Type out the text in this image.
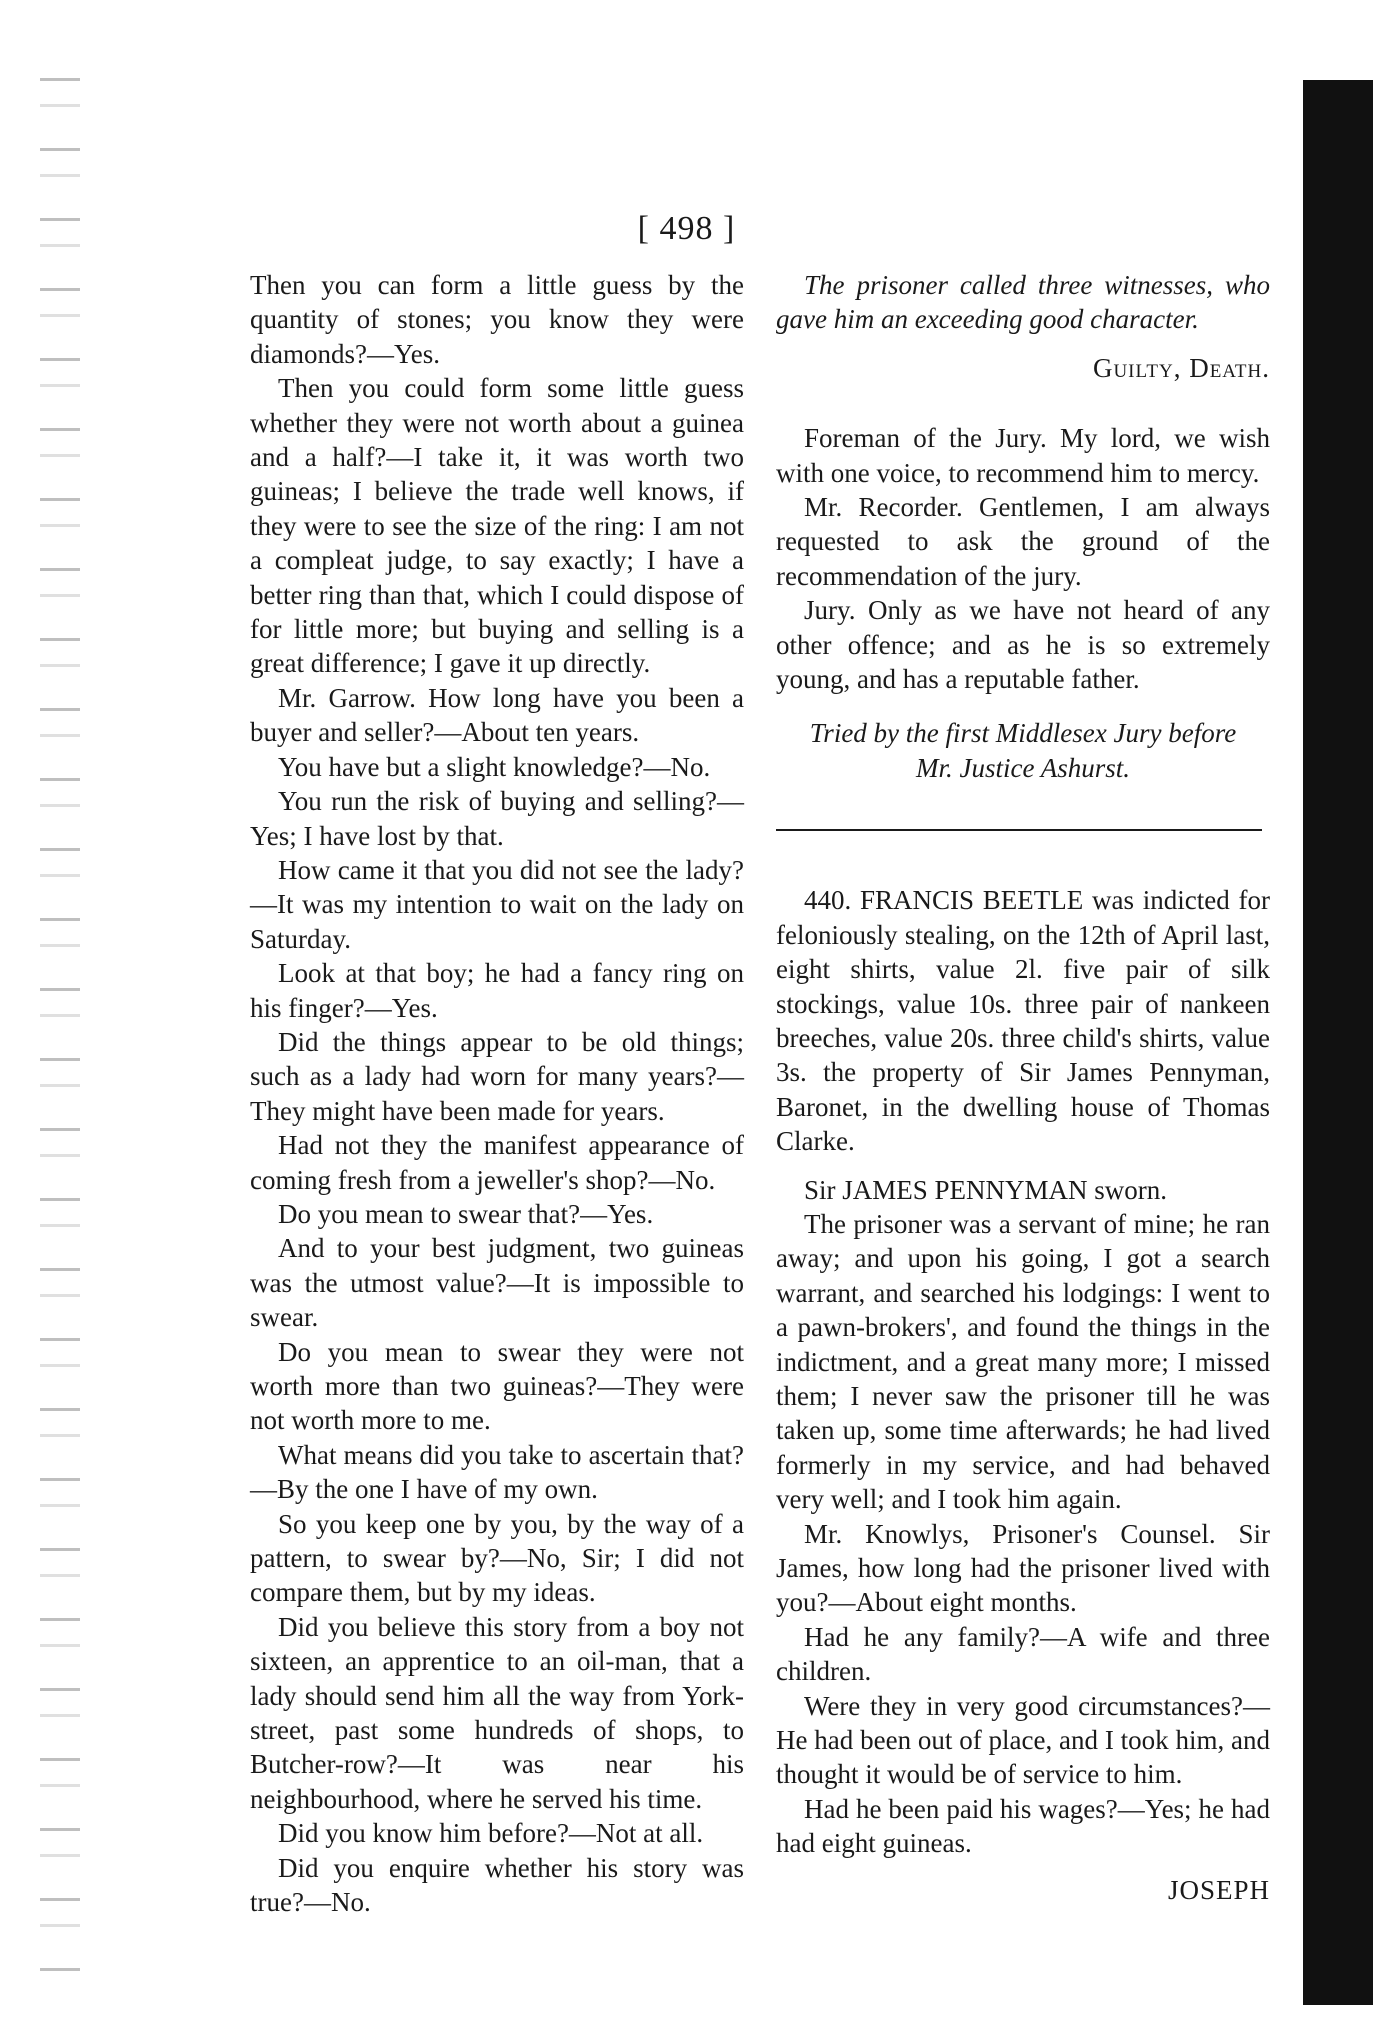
[ 498 ]

Then you can form a little guess by the quantity of stones; you know they were diamonds?—Yes.

Then you could form some little guess whether they were not worth about a guinea and a half?—I take it, it was worth two guineas; I believe the trade well knows, if they were to see the size of the ring: I am not a compleat judge, to say exactly; I have a better ring than that, which I could dispose of for little more; but buying and selling is a great difference; I gave it up directly.

Mr. Garrow. How long have you been a buyer and seller?—About ten years.

You have but a slight knowledge?—No.

You run the risk of buying and selling?—Yes; I have lost by that.

How came it that you did not see the lady?—It was my intention to wait on the lady on Saturday.

Look at that boy; he had a fancy ring on his finger?—Yes.

Did the things appear to be old things; such as a lady had worn for many years?—They might have been made for years.

Had not they the manifest appearance of coming fresh from a jeweller's shop?—No.

Do you mean to swear that?—Yes.

And to your best judgment, two guineas was the utmost value?—It is impossible to swear.

Do you mean to swear they were not worth more than two guineas?—They were not worth more to me.

What means did you take to ascertain that?—By the one I have of my own.

So you keep one by you, by the way of a pattern, to swear by?—No, Sir; I did not compare them, but by my ideas.

Did you believe this story from a boy not sixteen, an apprentice to an oil-man, that a lady should send him all the way from York-street, past some hundreds of shops, to Butcher-row?—It was near his neighbourhood, where he served his time.

Did you know him before?—Not at all.

Did you enquire whether his story was true?—No.

The prisoner called three witnesses, who gave him an exceeding good character.

Guilty, Death.

Foreman of the Jury. My lord, we wish with one voice, to recommend him to mercy.

Mr. Recorder. Gentlemen, I am always requested to ask the ground of the recommendation of the jury.

Jury. Only as we have not heard of any other offence; and as he is so extremely young, and has a reputable father.

Tried by the first Middlesex Jury before

Mr. Justice Ashurst.

440. FRANCIS BEETLE was indicted for feloniously stealing, on the 12th of April last, eight shirts, value 2l. five pair of silk stockings, value 10s. three pair of nankeen breeches, value 20s. three child's shirts, value 3s. the property of Sir James Pennyman, Baronet, in the dwelling house of Thomas Clarke.

Sir JAMES PENNYMAN sworn.

The prisoner was a servant of mine; he ran away; and upon his going, I got a search warrant, and searched his lodgings: I went to a pawn-brokers', and found the things in the indictment, and a great many more; I missed them; I never saw the prisoner till he was taken up, some time afterwards; he had lived formerly in my service, and had behaved very well; and I took him again.

Mr. Knowlys, Prisoner's Counsel. Sir James, how long had the prisoner lived with you?—About eight months.

Had he any family?—A wife and three children.

Were they in very good circumstances?—He had been out of place, and I took him, and thought it would be of service to him.

Had he been paid his wages?—Yes; he had had eight guineas.

JOSEPH
